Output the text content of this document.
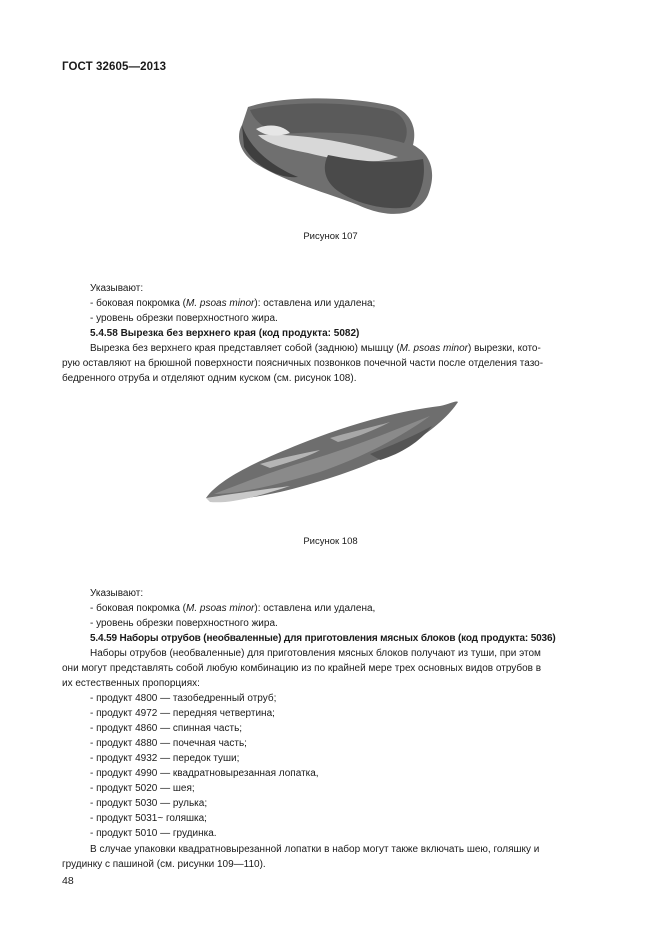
ГОСТ 32605—2013
Рисунок 107
Указывают:
- боковая покромка (M. psoas minor): оставлена или удалена;
- уровень обрезки поверхностного жира.
5.4.58 Вырезка без верхнего края (код продукта: 5082)
Вырезка без верхнего края представляет собой (заднюю) мышцу (M. psoas minor) вырезки, кото-
рую оставляют на брюшной поверхности поясничных позвонков почечной части после отделения тазо-
бедренного отруба и отделяют одним куском (см. рисунок 108).
Рисунок 108
Указывают:
- боковая покромка (M. psoas minor): оставлена или удалена,
- уровень обрезки поверхностного жира.
5.4.59 Наборы отрубов (необваленные) для приготовления мясных блоков (код продукта: 5036)
Наборы отрубов (необваленные) для приготовления мясных блоков получают из туши, при этом
они могут представлять собой любую комбинацию из по крайней мере трех основных видов отрубов в
их естественных пропорциях:
- продукт 4800 — тазобедренный отруб;
- продукт 4972 — передняя четвертина;
- продукт 4860 — спинная часть;
- продукт 4880 — почечная часть;
- продукт 4932 — передок туши;
- продукт 4990 — квадратновырезанная лопатка,
- продукт 5020 — шея;
- продукт 5030 — рулька;
- продукт 5031~ голяшка;
- продукт 5010 — грудинка.
В случае упаковки квадратновырезанной лопатки в набор могут также включать шею, голяшку и
грудинку с пашиной (см. рисунки 109—110).
48
